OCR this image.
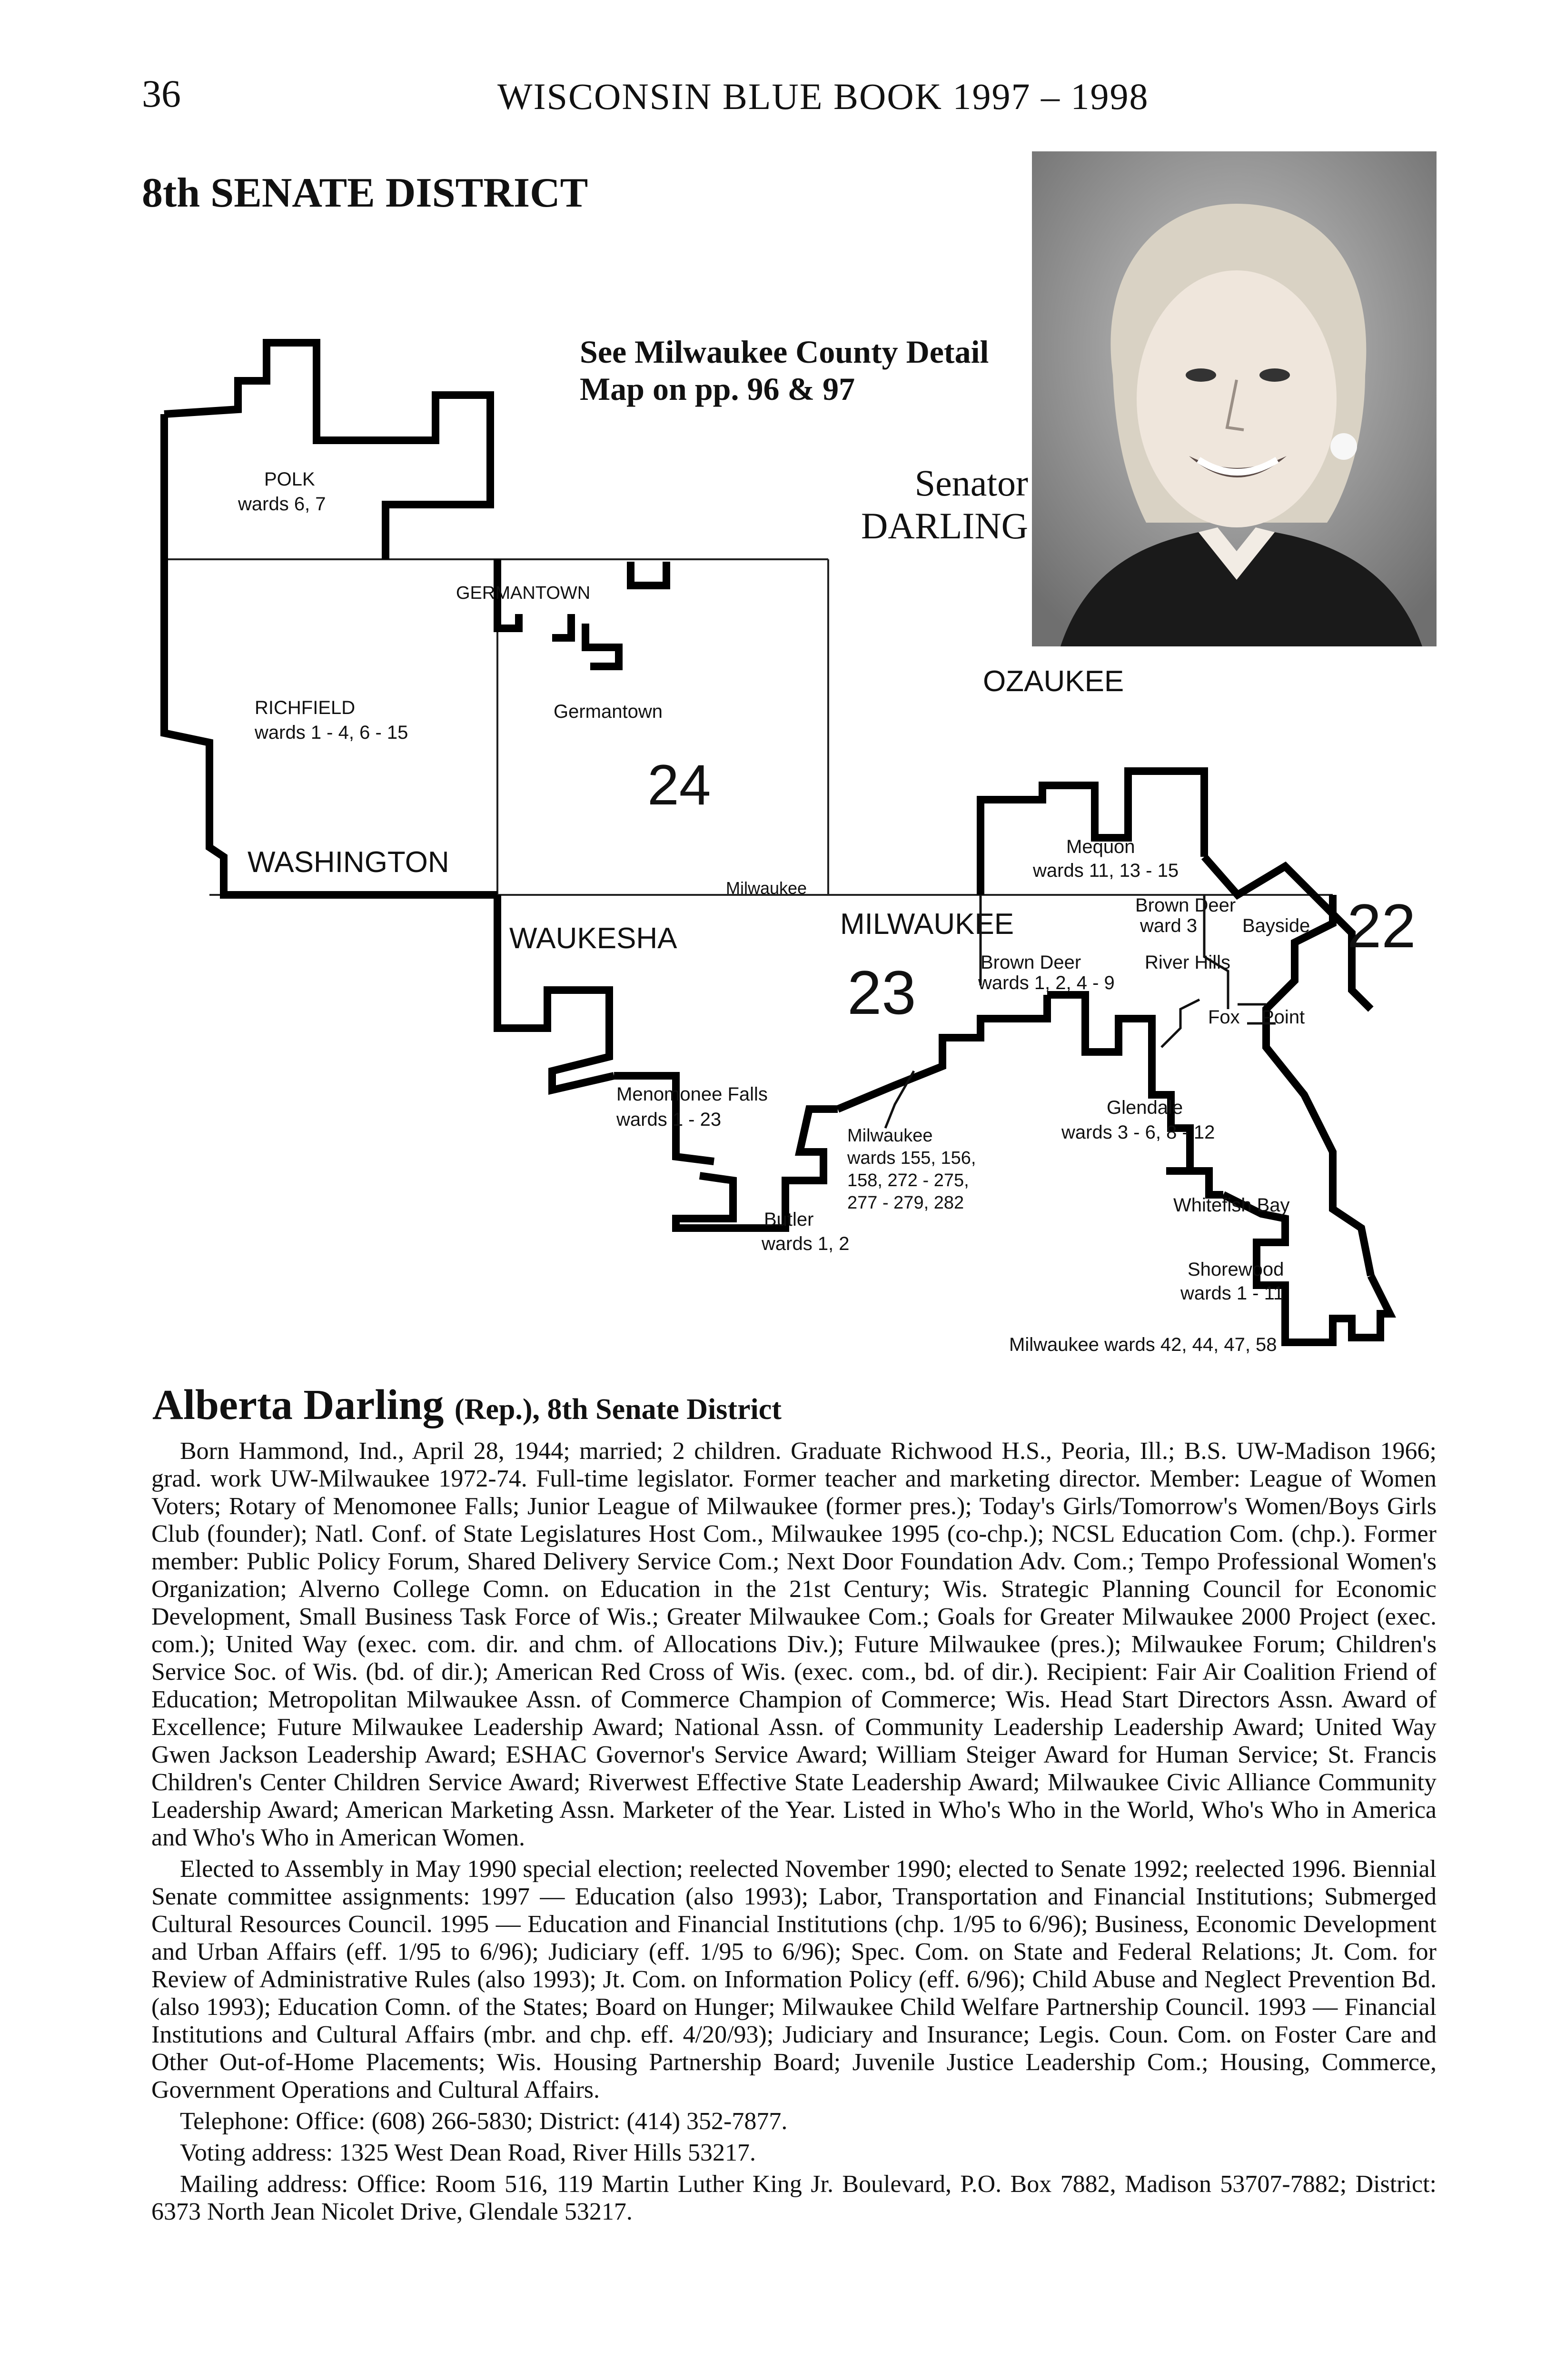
36	WISCONSIN BLUE BOOK 1997 – 1998
8th SENATE DISTRICT
Senator
DARLING
See Milwaukee County Detail
Map on pp. 96 & 97
POLK
wards 6, 7
RICHFIELD
wards 1 - 4, 6 - 15
GERMANTOWN
Germantown
24
WASHINGTON
Milwaukee
OZAUKEE
Mequon
wards 11, 13 - 15
Brown Deer
ward 3 Bayside 22
WAUKESHA	MILWAUKEE
23	Brown Deer
wards 1, 2, 4 - 9
River Hills
Fox Point
Menomonee Falls
wards 1 - 23
Milwaukee
wards 155, 156,
158, 272 - 275,
277 - 279, 282
Glendale
wards 3 - 6, 8 - 12
Butler
wards 1, 2
Whitefish Bay
Shorewood
wards 1 - 11
Milwaukee wards 42, 44, 47, 58
Alberta Darling (Rep.), 8th Senate District

Born Hammond, Ind., April 28, 1944; married; 2 children. Graduate Richwood H.S., Peoria, Ill.; B.S. UW-Madison 1966; grad. work UW-Milwaukee 1972-74. Full-time legislator. Former teacher and marketing director. Member: League of Women Voters; Rotary of Menomonee Falls; Junior League of Milwaukee (former pres.); Today's Girls/Tomorrow's Women/Boys Girls Club (founder); Natl. Conf. of State Legislatures Host Com., Milwaukee 1995 (co-chp.); NCSL Education Com. (chp.). Former member: Public Policy Forum, Shared Delivery Service Com.; Next Door Foundation Adv. Com.; Tempo Professional Women's Organization; Alverno College Comn. on Education in the 21st Century; Wis. Strategic Planning Council for Economic Development, Small Business Task Force of Wis.; Greater Milwaukee Com.; Goals for Greater Milwaukee 2000 Project (exec. com.); United Way (exec. com. dir. and chm. of Allocations Div.); Future Milwaukee (pres.); Milwaukee Forum; Children's Service Soc. of Wis. (bd. of dir.); American Red Cross of Wis. (exec. com., bd. of dir.). Recipient: Fair Air Coalition Friend of Education; Metropolitan Milwaukee Assn. of Commerce Champion of Commerce; Wis. Head Start Directors Assn. Award of Excellence; Future Milwaukee Leadership Award; National Assn. of Community Leadership Leadership Award; United Way Gwen Jackson Leadership Award; ESHAC Governor's Service Award; William Steiger Award for Human Service; St. Francis Children's Center Children Service Award; Riverwest Effective State Leadership Award; Milwaukee Civic Alliance Community Leadership Award; American Marketing Assn. Marketer of the Year. Listed in Who's Who in the World, Who's Who in America and Who's Who in American Women.

Elected to Assembly in May 1990 special election; reelected November 1990; elected to Senate 1992; reelected 1996. Biennial Senate committee assignments: 1997 — Education (also 1993); Labor, Transportation and Financial Institutions; Submerged Cultural Resources Council. 1995 — Education and Financial Institutions (chp. 1/95 to 6/96); Business, Economic Development and Urban Affairs (eff. 1/95 to 6/96); Judiciary (eff. 1/95 to 6/96); Spec. Com. on State and Federal Relations; Jt. Com. for Review of Administrative Rules (also 1993); Jt. Com. on Information Policy (eff. 6/96); Child Abuse and Neglect Prevention Bd. (also 1993); Education Comn. of the States; Board on Hunger; Milwaukee Child Welfare Partnership Council. 1993 — Financial Institutions and Cultural Affairs (mbr. and chp. eff. 4/20/93); Judiciary and Insurance; Legis. Coun. Com. on Foster Care and Other Out-of-Home Placements; Wis. Housing Partnership Board; Juvenile Justice Leadership Com.; Housing, Commerce, Government Operations and Cultural Affairs.

Telephone: Office: (608) 266-5830; District: (414) 352-7877.

Voting address: 1325 West Dean Road, River Hills 53217.

Mailing address: Office: Room 516, 119 Martin Luther King Jr. Boulevard, P.O. Box 7882, Madison 53707-7882; District: 6373 North Jean Nicolet Drive, Glendale 53217.
